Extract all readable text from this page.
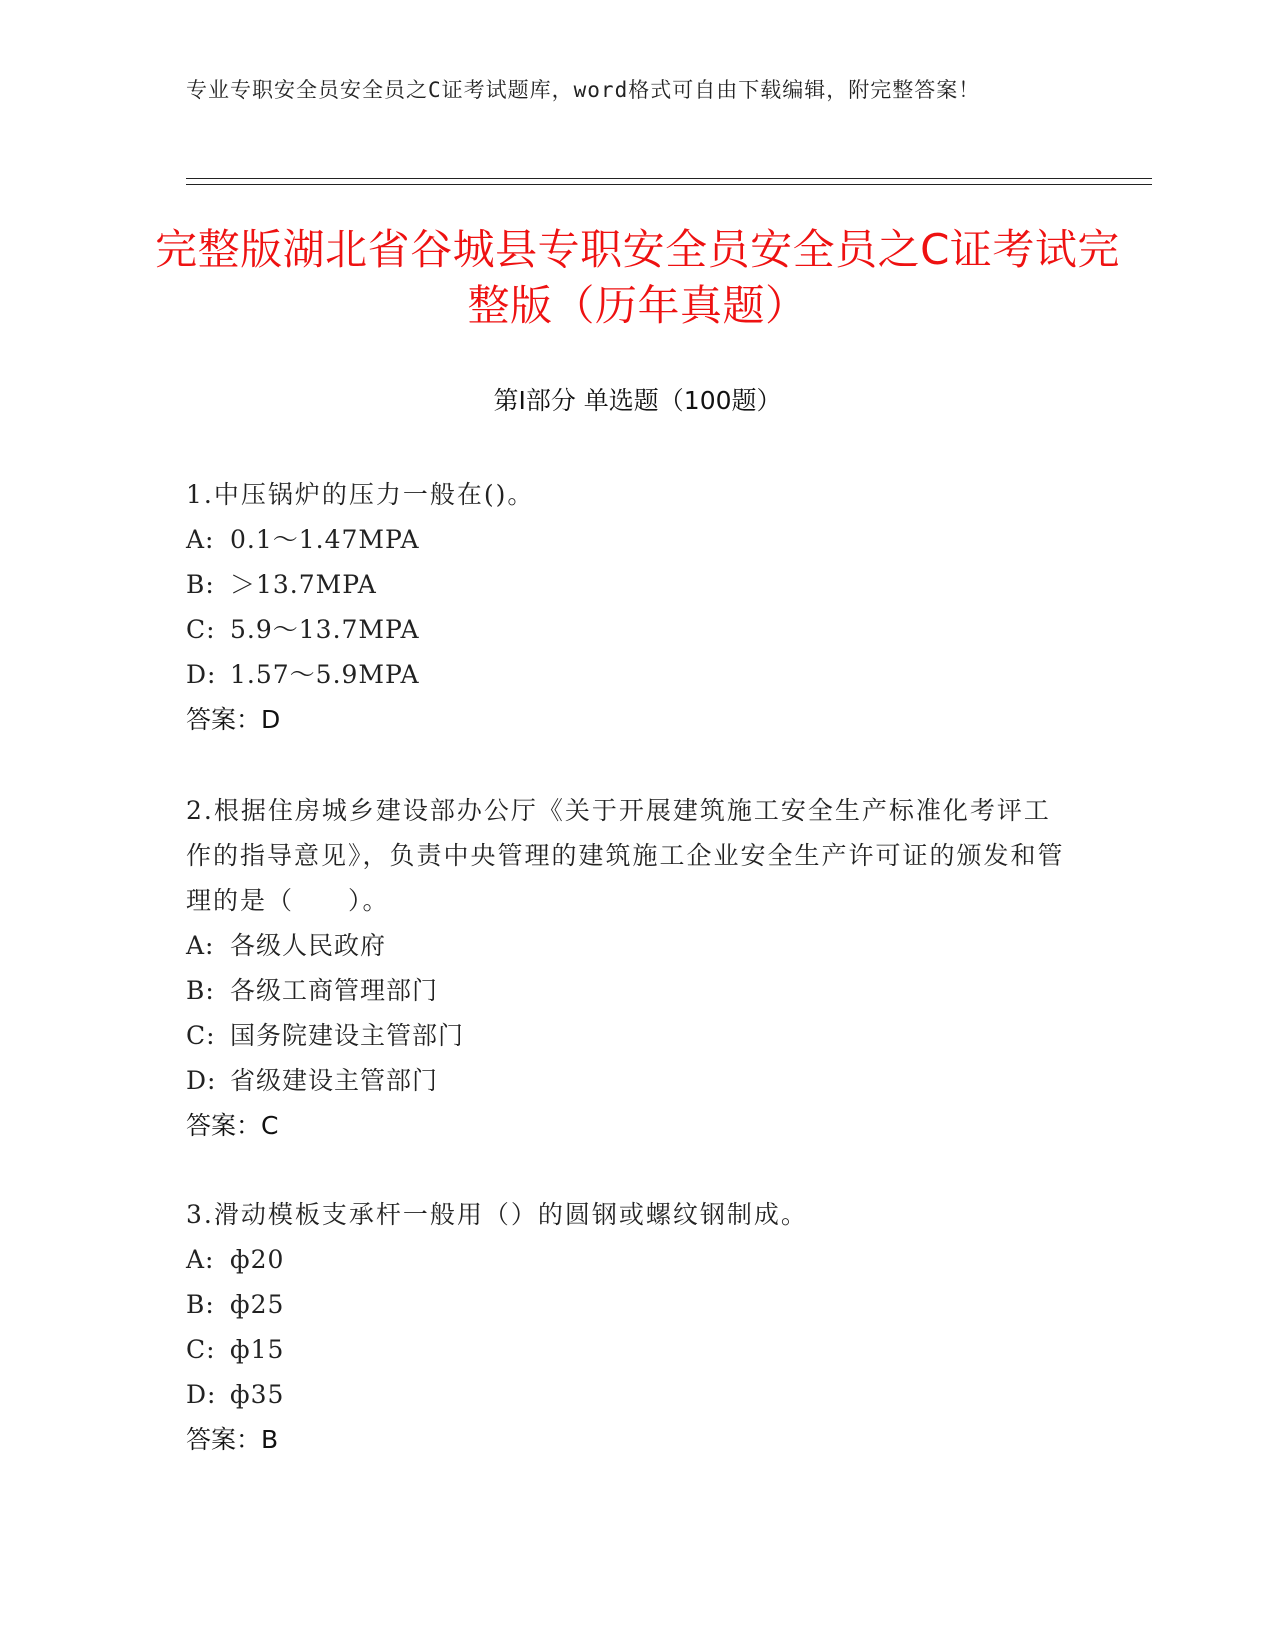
专业专职安全员安全员之C证考试题库，word格式可自由下载编辑，附完整答案！
完整版湖北省谷城县专职安全员安全员之C证考试完整版（历年真题）
第Ⅰ部分 单选题（100题）
1.中压锅炉的压力一般在()。
A: 0.1～1.47MPA
B: ＞13.7MPA
C: 5.9～13.7MPA
D: 1.57～5.9MPA
答案：D
2.根据住房城乡建设部办公厅《关于开展建筑施工安全生产标准化考评工作的指导意见》，负责中央管理的建筑施工企业安全生产许可证的颁发和管理的是（　　）。
A: 各级人民政府
B: 各级工商管理部门
C: 国务院建设主管部门
D: 省级建设主管部门
答案：C
3.滑动模板支承杆一般用（）的圆钢或螺纹钢制成。
A: ф20
B: ф25
C: ф15
D: ф35
答案：B
